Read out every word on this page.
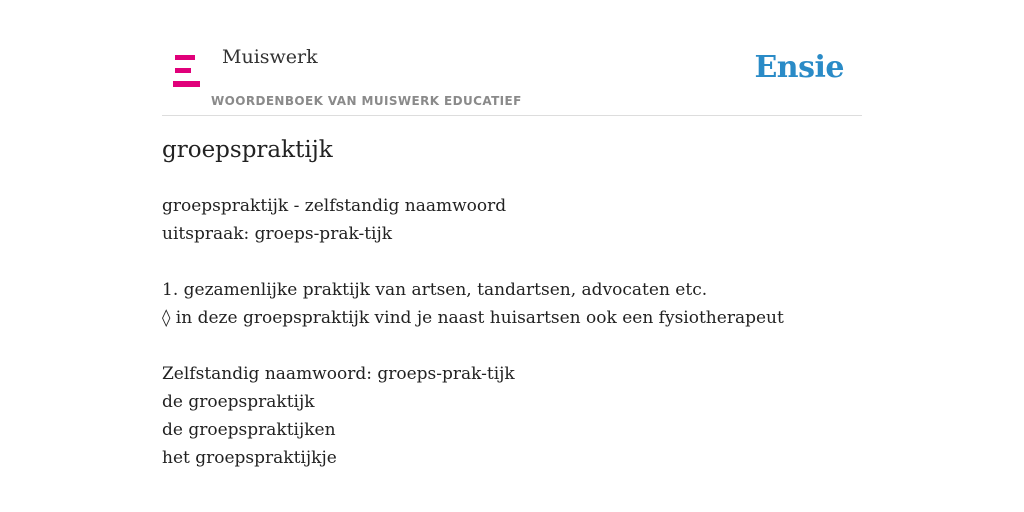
Muiswerk
WOORDENBOEK VAN MUISWERK EDUCATIEF
Ensie
groepspraktijk
groepspraktijk - zelfstandig naamwoord
uitspraak: groeps-prak-tijk
1. gezamenlijke praktijk van artsen, tandartsen, advocaten etc.
◊ in deze groepspraktijk vind je naast huisartsen ook een fysiotherapeut
Zelfstandig naamwoord: groeps-prak-tijk
de groepspraktijk
de groepspraktijken
het groepspraktijkje
